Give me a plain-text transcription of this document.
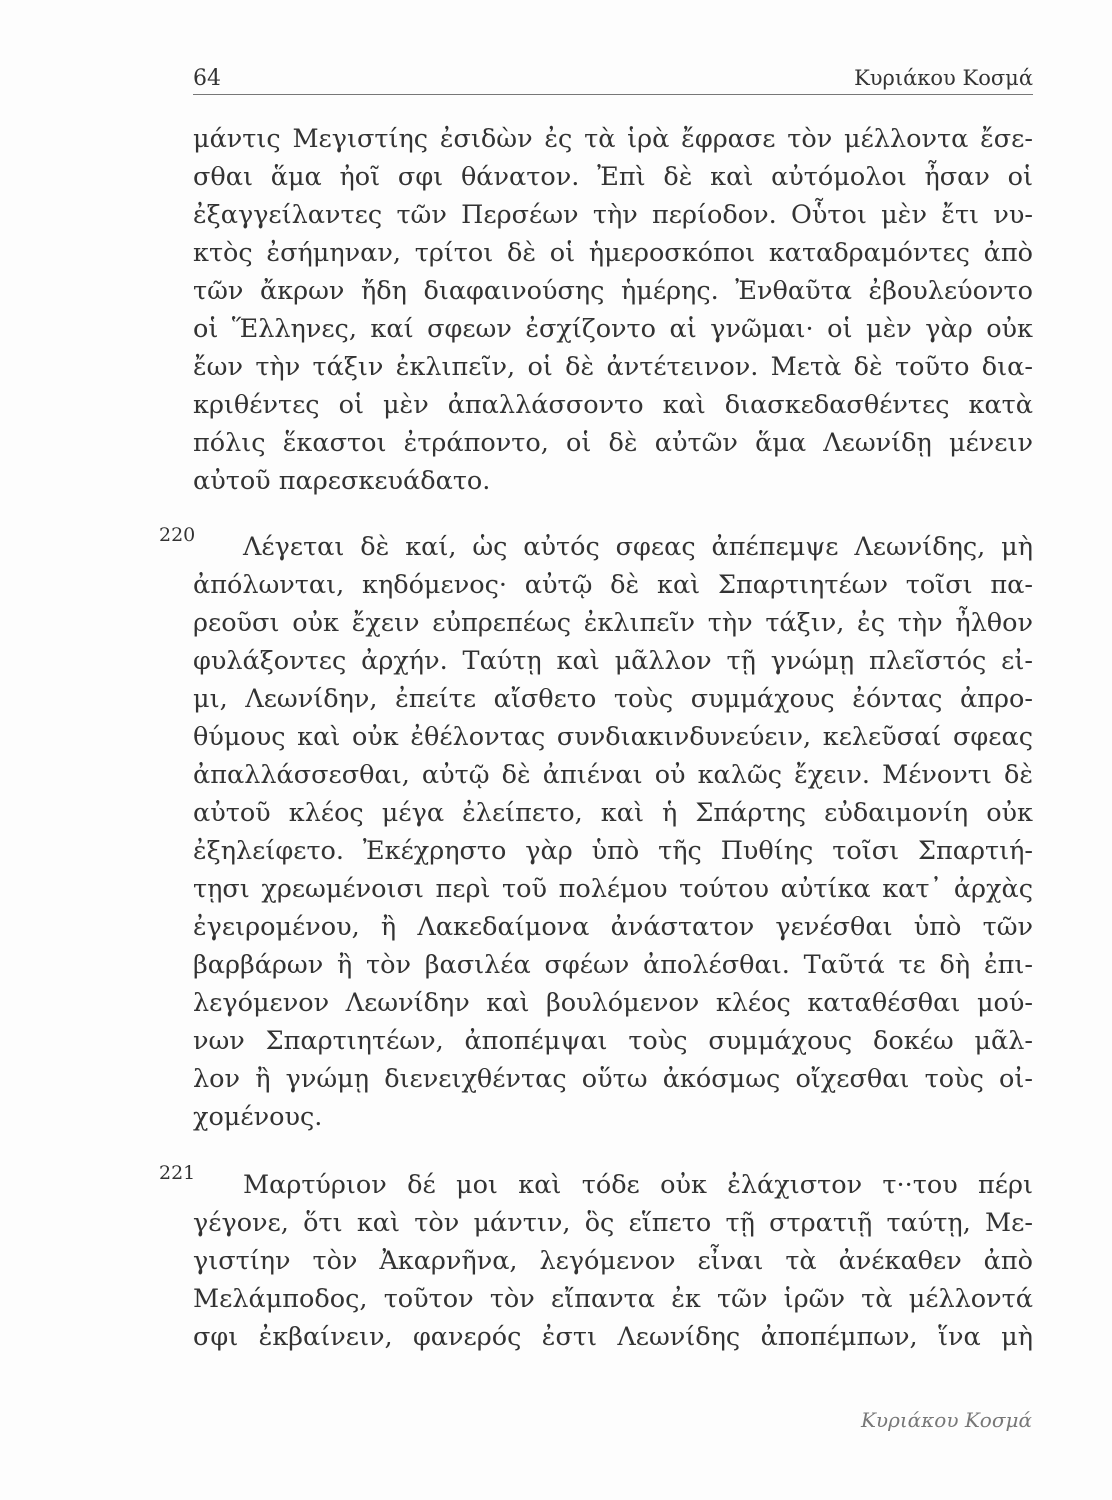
64	Κυριάκου Κοσμά
μάντις Μεγιστίης ἐσιδὼν ἐς τὰ ἱρὰ ἔφρασε τὸν μέλλοντα ἔσε-
σθαι ἅμα ἠοῖ σφι θάνατον. Ἐπὶ δὲ καὶ αὐτόμολοι ἦσαν οἱ
ἐξαγγείλαντες τῶν Περσέων τὴν περίοδον. Οὗτοι μὲν ἔτι νυ-
κτὸς ἐσήμηναν, τρίτοι δὲ οἱ ἡμεροσκόποι καταδραμόντες ἀπὸ
τῶν ἄκρων ἤδη διαφαινούσης ἡμέρης. Ἐνθαῦτα ἐβουλεύοντο
οἱ Ἕλληνες, καί σφεων ἐσχίζοντο αἱ γνῶμαι· οἱ μὲν γὰρ οὐκ
ἔων τὴν τάξιν ἐκλιπεῖν, οἱ δὲ ἀντέτεινον. Μετὰ δὲ τοῦτο δια-
κριθέντες οἱ μὲν ἀπαλλάσσοντο καὶ διασκεδασθέντες κατὰ
πόλις ἕκαστοι ἐτράποντο, οἱ δὲ αὐτῶν ἅμα Λεωνίδῃ μένειν
αὐτοῦ παρεσκευάδατο.
220 Λέγεται δὲ καί, ὡς αὐτός σφεας ἀπέπεμψε Λεωνίδης, μὴ
ἀπόλωνται, κηδόμενος· αὐτῷ δὲ καὶ Σπαρτιητέων τοῖσι πα-
ρεοῦσι οὐκ ἔχειν εὐπρεπέως ἐκλιπεῖν τὴν τάξιν, ἐς τὴν ἦλθον
φυλάξοντες ἀρχήν. Ταύτῃ καὶ μᾶλλον τῇ γνώμῃ πλεῖστός εἰ-
μι, Λεωνίδην, ἐπείτε αἴσθετο τοὺς συμμάχους ἐόντας ἀπρο-
θύμους καὶ οὐκ ἐθέλοντας συνδιακινδυνεύειν, κελεῦσαί σφεας
ἀπαλλάσσεσθαι, αὐτῷ δὲ ἀπιέναι οὐ καλῶς ἔχειν. Μένοντι δὲ
αὐτοῦ κλέος μέγα ἐλείπετο, καὶ ἡ Σπάρτης εὐδαιμονίη οὐκ
ἐξηλείφετο. Ἐκέχρηστο γὰρ ὑπὸ τῆς Πυθίης τοῖσι Σπαρτιή-
τῃσι χρεωμένοισι περὶ τοῦ πολέμου τούτου αὐτίκα κατ᾽ ἀρχὰς
ἐγειρομένου, ἢ Λακεδαίμονα ἀνάστατον γενέσθαι ὑπὸ τῶν
βαρβάρων ἢ τὸν βασιλέα σφέων ἀπολέσθαι. Ταῦτά τε δὴ ἐπι-
λεγόμενον Λεωνίδην καὶ βουλόμενον κλέος καταθέσθαι μού-
νων Σπαρτιητέων, ἀποπέμψαι τοὺς συμμάχους δοκέω μᾶλ-
λον ἢ γνώμῃ διενειχθέντας οὕτω ἀκόσμως οἴχεσθαι τοὺς οἰ-
χομένους.
221 Μαρτύριον δέ μοι καὶ τόδε οὐκ ἐλάχιστον τ··του πέρι
γέγονε, ὅτι καὶ τὸν μάντιν, ὃς εἵπετο τῇ στρατιῇ ταύτῃ, Με-
γιστίην τὸν Ἀκαρνῆνα, λεγόμενον εἶναι τὰ ἀνέκαθεν ἀπὸ
Μελάμποδος, τοῦτον τὸν εἴπαντα ἐκ τῶν ἱρῶν τὰ μέλλοντά
σφι ἐκβαίνειν, φανερός ἐστι Λεωνίδης ἀποπέμπων, ἵνα μὴ
Κυριάκου Κοσμά
